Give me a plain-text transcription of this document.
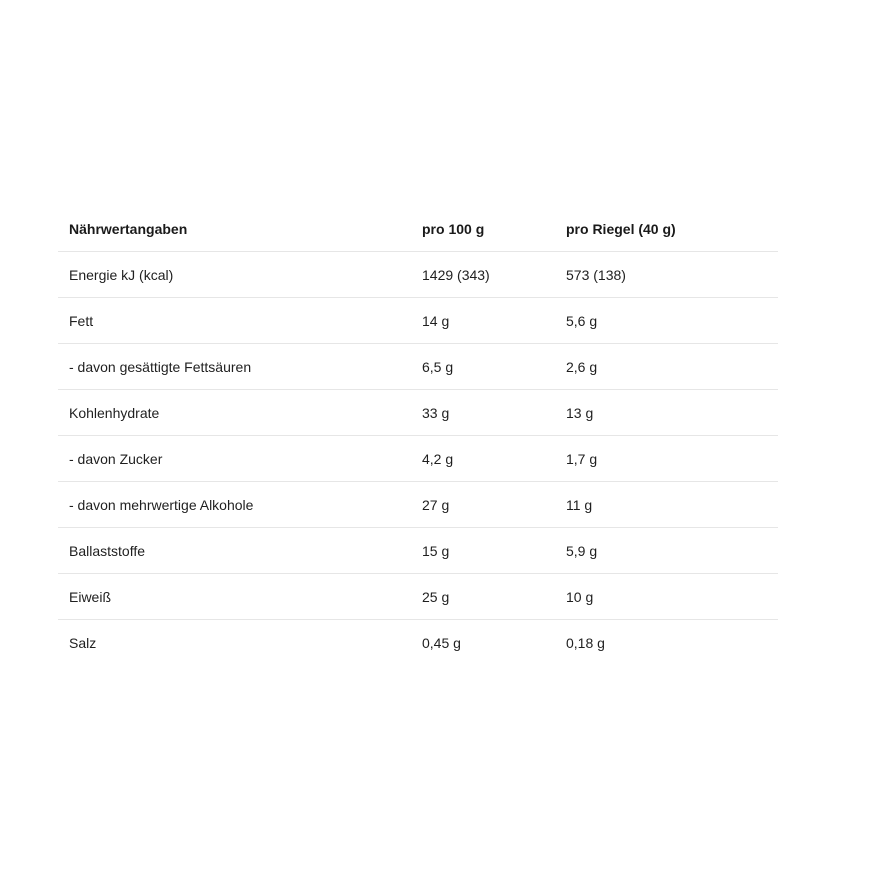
Nährwertangaben	pro 100 g	pro Riegel (40 g)
Energie kJ (kcal)	1429 (343)	573 (138)
Fett	14 g	5,6 g
- davon gesättigte Fettsäuren	6,5 g	2,6 g
Kohlenhydrate	33 g	13 g
- davon Zucker	4,2 g	1,7 g
- davon mehrwertige Alkohole	27 g	11 g
Ballaststoffe	15 g	5,9 g
Eiweiß	25 g	10 g
Salz	0,45 g	0,18 g
